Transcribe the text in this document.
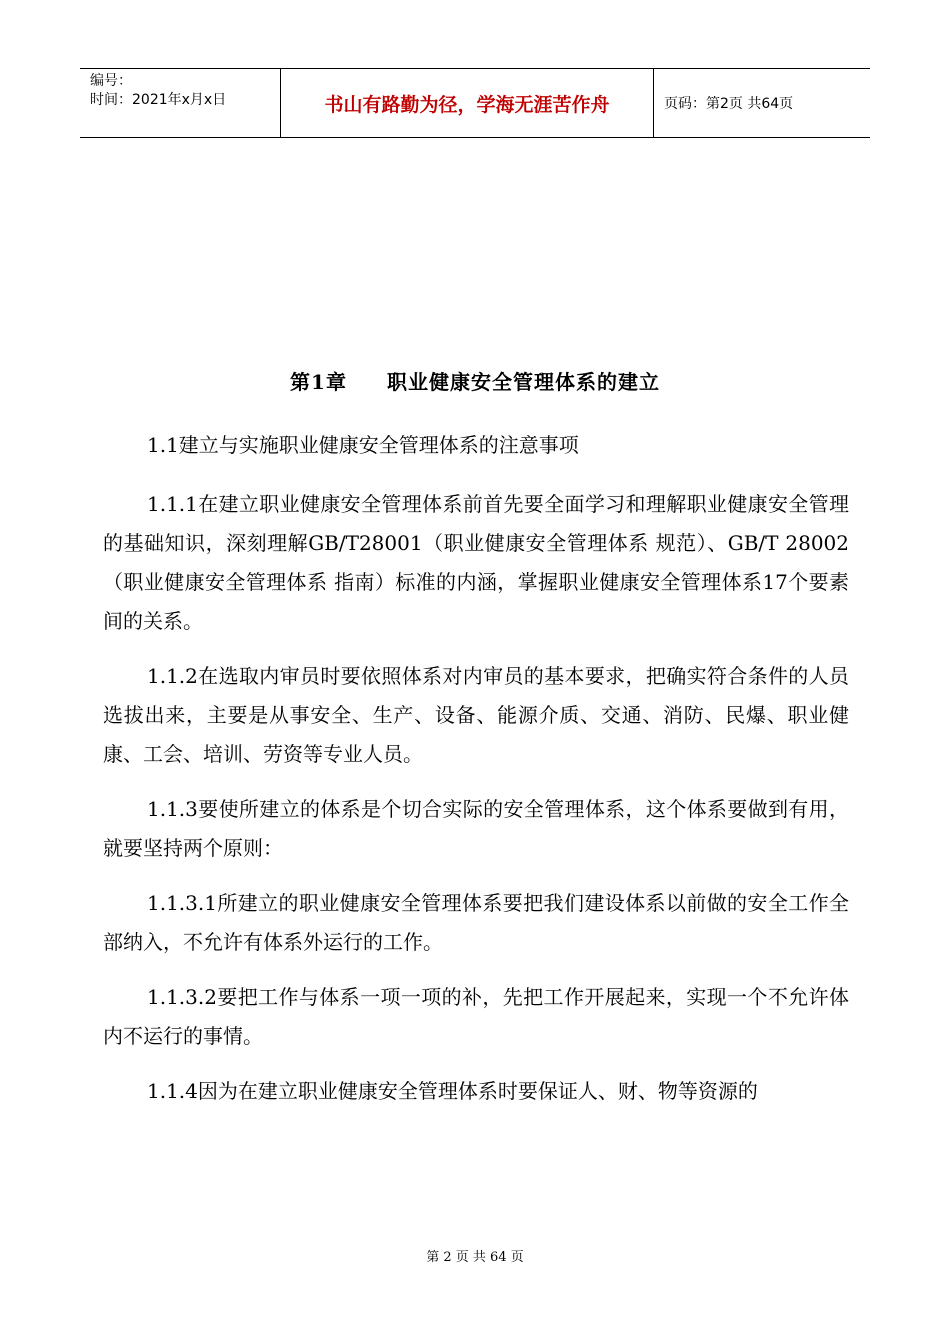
编号：
时间：2021年x月x日	书山有路勤为径，学海无涯苦作舟	页码：第2页 共64页
第1章 职业健康安全管理体系的建立

1.1建立与实施职业健康安全管理体系的注意事项

1.1.1在建立职业健康安全管理体系前首先要全面学习和理解职业健康安全管理的基础知识，深刻理解GB/T28001（职业健康安全管理体系 规范）、GB/T 28002（职业健康安全管理体系 指南）标准的内涵，掌握职业健康安全管理体系17个要素间的关系。

1.1.2在选取内审员时要依照体系对内审员的基本要求，把确实符合条件的人员选拔出来，主要是从事安全、生产、设备、能源介质、交通、消防、民爆、职业健康、工会、培训、劳资等专业人员。

1.1.3要使所建立的体系是个切合实际的安全管理体系，这个体系要做到有用，就要坚持两个原则：

1.1.3.1所建立的职业健康安全管理体系要把我们建设体系以前做的安全工作全部纳入，不允许有体系外运行的工作。

1.1.3.2要把工作与体系一项一项的补，先把工作开展起来，实现一个不允许体内不运行的事情。

1.1.4因为在建立职业健康安全管理体系时要保证人、财、物等资源的

第 2 页 共 64 页
